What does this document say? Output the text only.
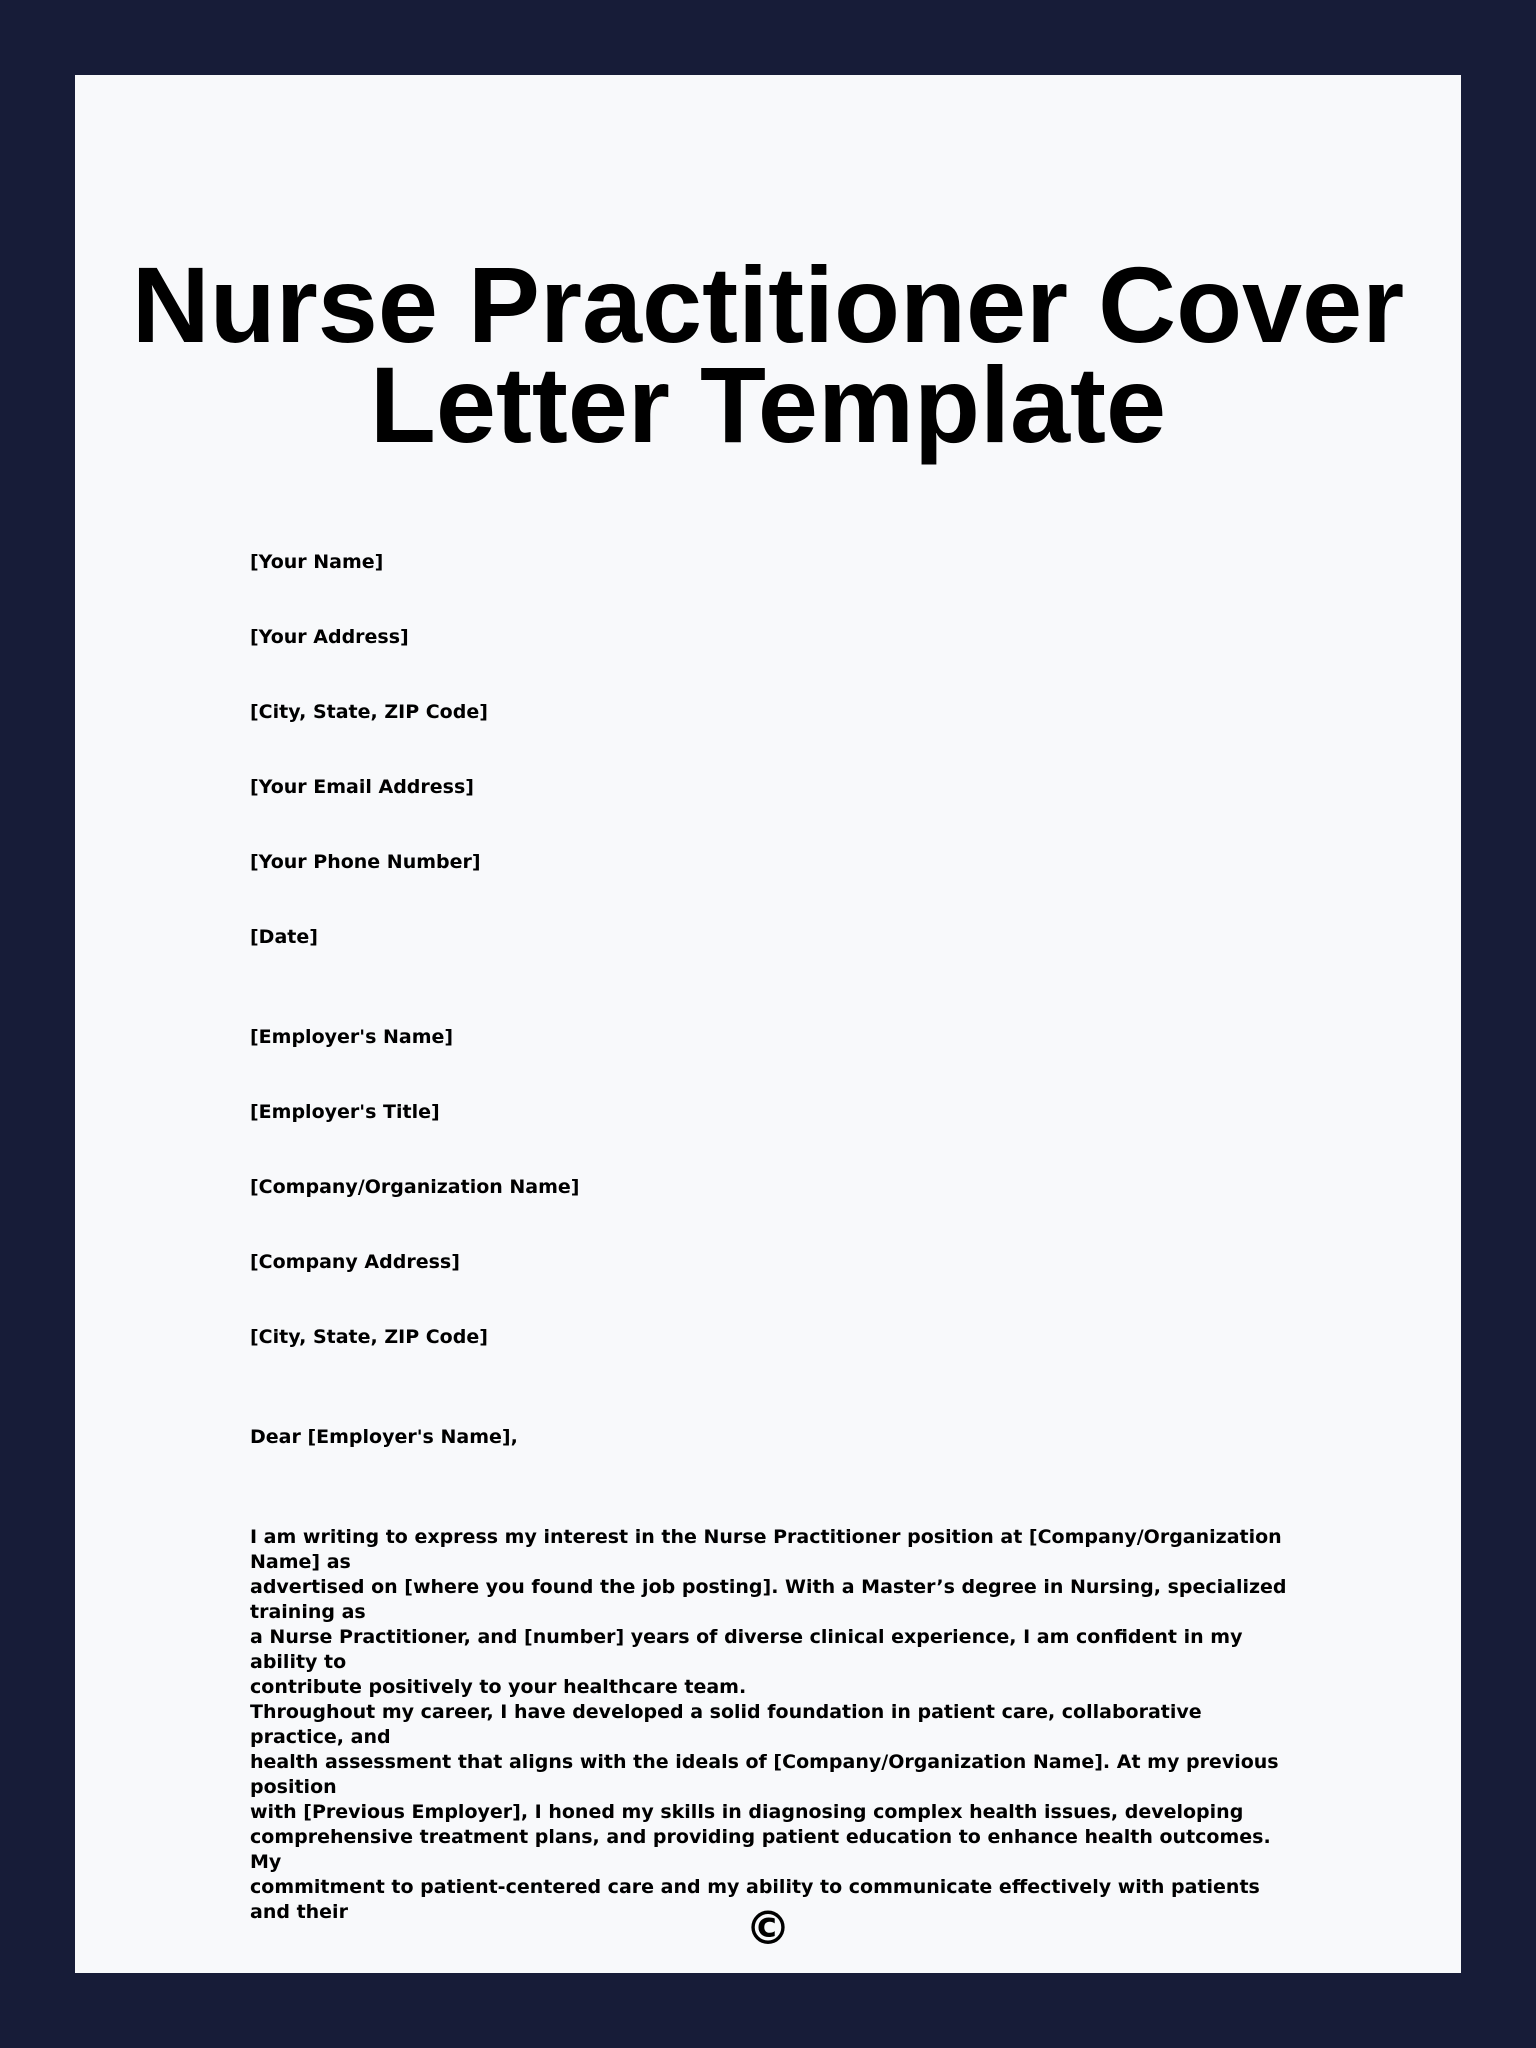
Nurse Practitioner Cover
Letter Template

[Your Name]

[Your Address]

[City, State, ZIP Code]

[Your Email Address]

[Your Phone Number]

[Date]

[Employer's Name]

[Employer's Title]

[Company/Organization Name]

[Company Address]

[City, State, ZIP Code]

Dear [Employer's Name],

I am writing to express my interest in the Nurse Practitioner position at [Company/Organization Name] as
advertised on [where you found the job posting]. With a Master’s degree in Nursing, specialized training as
a Nurse Practitioner, and [number] years of diverse clinical experience, I am confident in my ability to
contribute positively to your healthcare team.

Throughout my career, I have developed a solid foundation in patient care, collaborative practice, and
health assessment that aligns with the ideals of [Company/Organization Name]. At my previous position
with [Previous Employer], I honed my skills in diagnosing complex health issues, developing
comprehensive treatment plans, and providing patient education to enhance health outcomes. My
commitment to patient-centered care and my ability to communicate effectively with patients and their	©
